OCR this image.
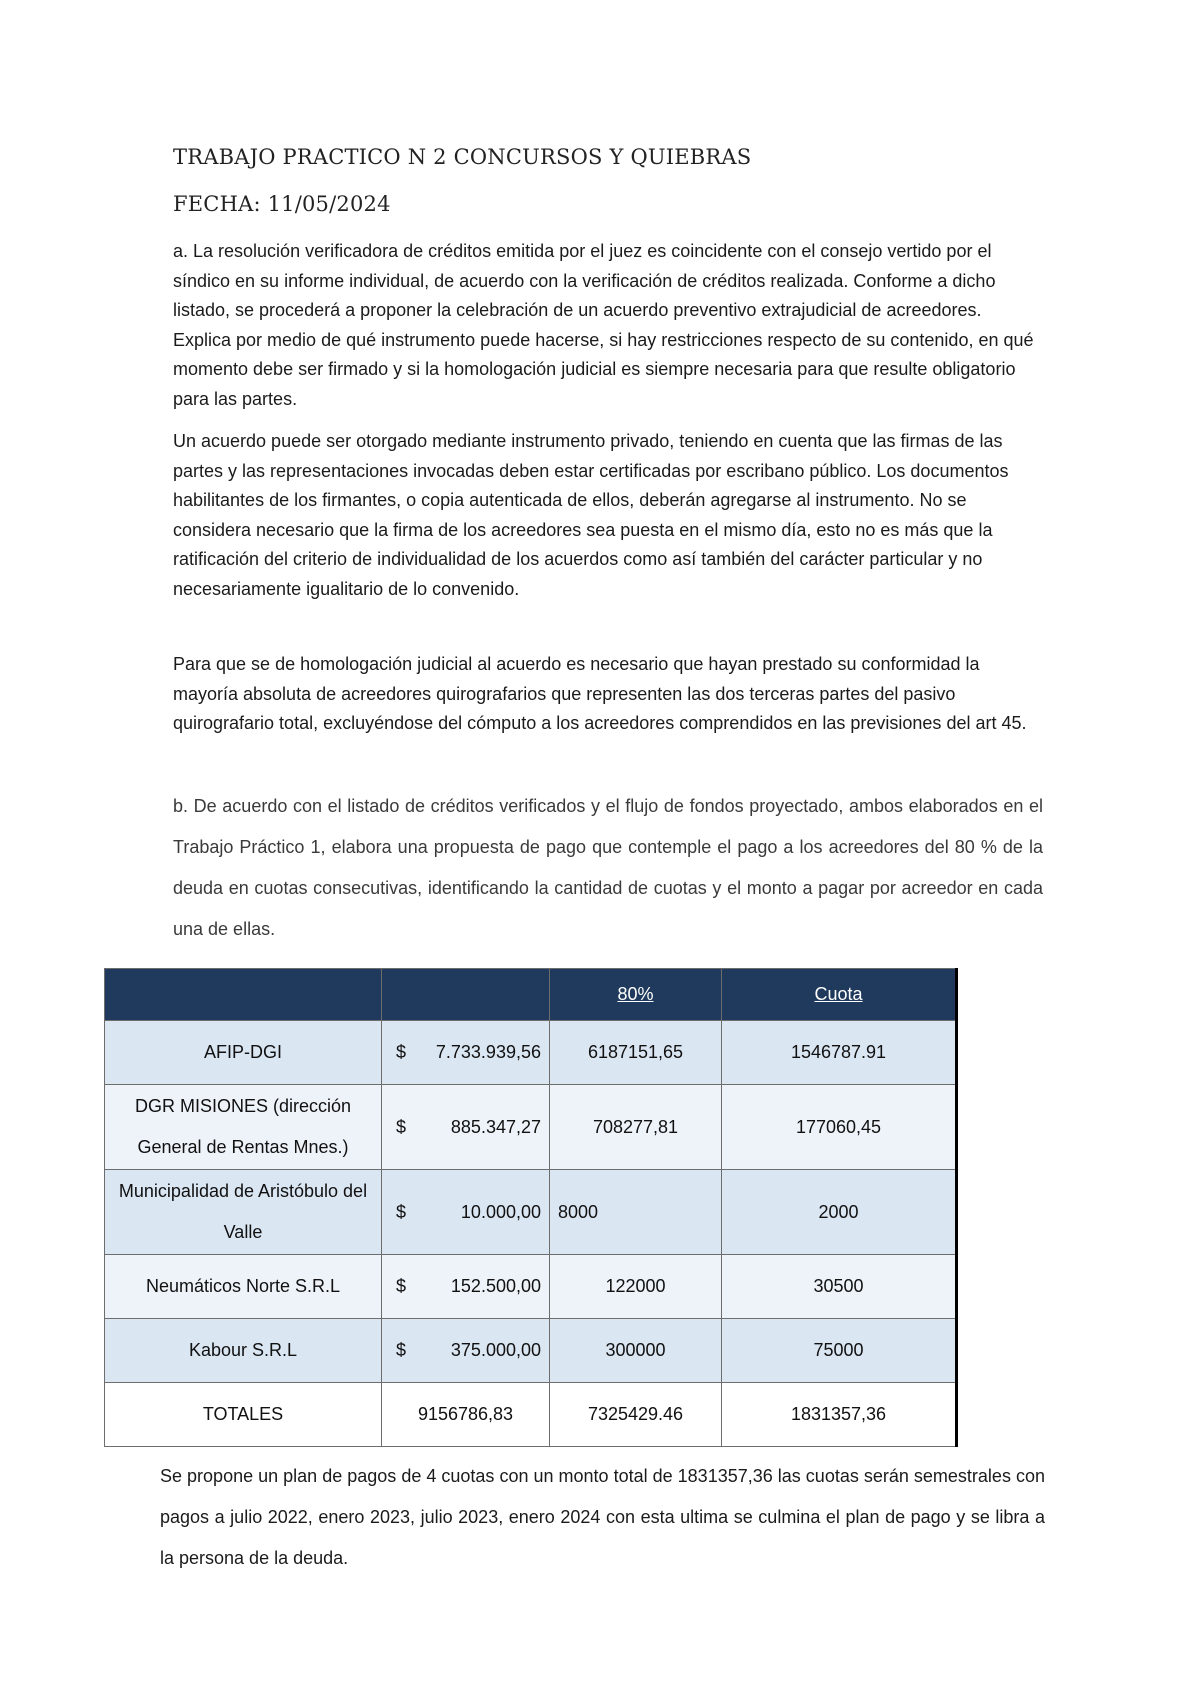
TRABAJO PRACTICO N 2 CONCURSOS Y QUIEBRAS
FECHA: 11/05/2024

a. La resolución verificadora de créditos emitida por el juez es coincidente con el consejo vertido por el síndico en su informe individual, de acuerdo con la verificación de créditos realizada. Conforme a dicho listado, se procederá a proponer la celebración de un acuerdo preventivo extrajudicial de acreedores. Explica por medio de qué instrumento puede hacerse, si hay restricciones respecto de su contenido, en qué momento debe ser firmado y si la homologación judicial es siempre necesaria para que resulte obligatorio para las partes.

Un acuerdo puede ser otorgado mediante instrumento privado, teniendo en cuenta que las firmas de las partes y las representaciones invocadas deben estar certificadas por escribano público. Los documentos habilitantes de los firmantes, o copia autenticada de ellos, deberán agregarse al instrumento. No se considera necesario que la firma de los acreedores sea puesta en el mismo día, esto no es más que la ratificación del criterio de individualidad de los acuerdos como así también del carácter particular y no necesariamente igualitario de lo convenido.

Para que se de homologación judicial al acuerdo es necesario que hayan prestado su conformidad la mayoría absoluta de acreedores quirografarios que representen las dos terceras partes del pasivo quirografario total, excluyéndose del cómputo a los acreedores comprendidos en las previsiones del art 45.

b. De acuerdo con el listado de créditos verificados y el flujo de fondos proyectado, ambos elaborados en el Trabajo Práctico 1, elabora una propuesta de pago que contemple el pago a los acreedores del 80 % de la deuda en cuotas consecutivas, identificando la cantidad de cuotas y el monto a pagar por acreedor en cada una de ellas.

		80%	Cuota
AFIP-DGI	$ 7.733.939,56	6187151,65	1546787.91
DGR MISIONES (dirección General de Rentas Mnes.)	$ 885.347,27	708277,81	177060,45
Municipalidad de Aristóbulo del Valle	$ 10.000,00	8000	2000
Neumáticos Norte S.R.L	$ 152.500,00	122000	30500
Kabour S.R.L	$ 375.000,00	300000	75000
TOTALES	9156786,83	7325429.46	1831357,36

Se propone un plan de pagos de 4 cuotas con un monto total de 1831357,36 las cuotas serán semestrales con pagos a julio 2022, enero 2023, julio 2023, enero 2024 con esta ultima se culmina el plan de pago y se libra a la persona de la deuda.
